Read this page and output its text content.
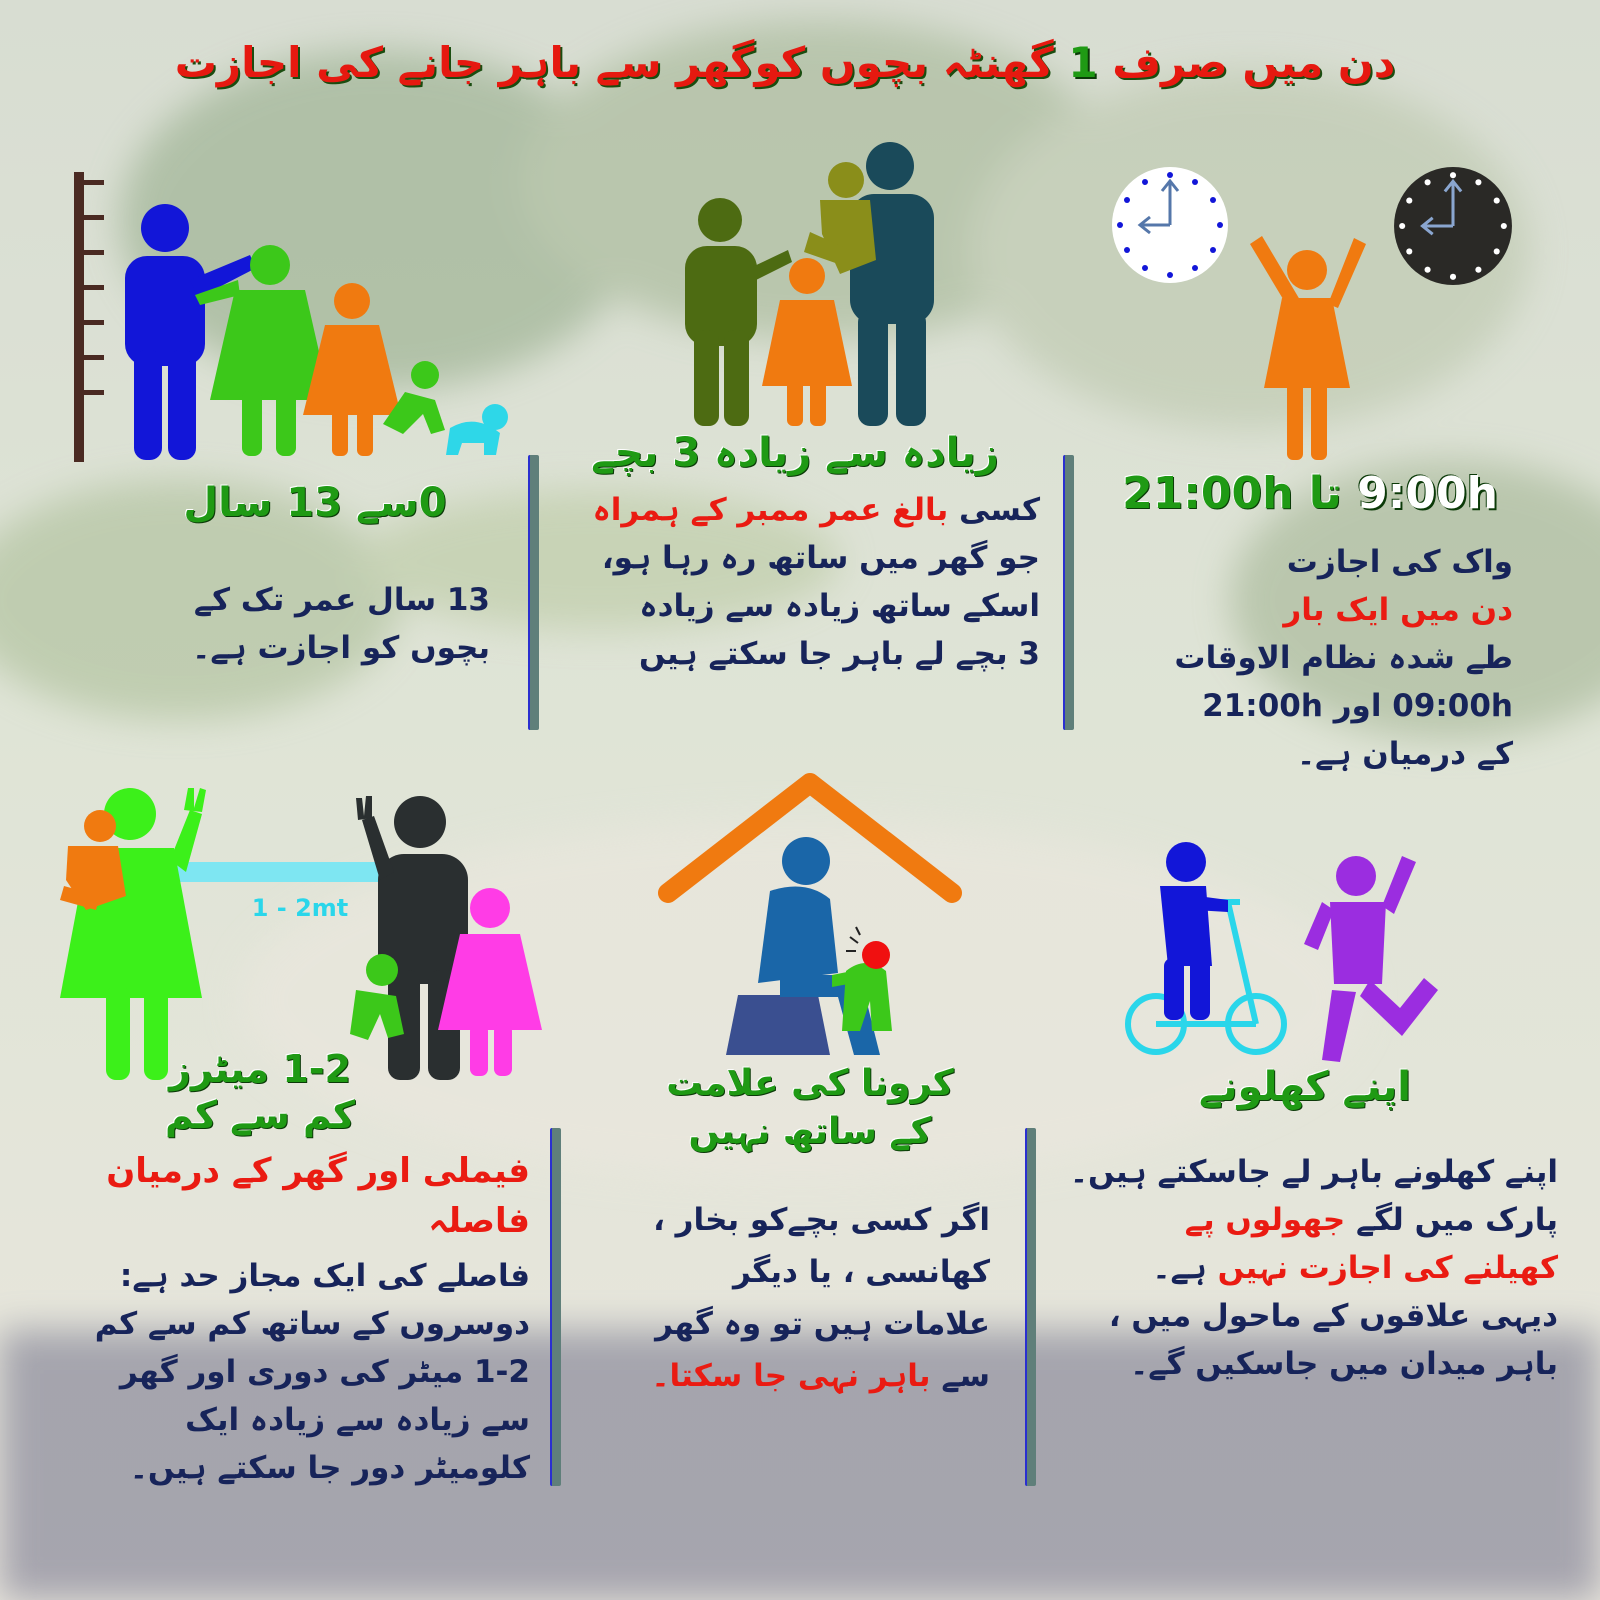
دن میں صرف 1 گھنٹہ بچوں کوگھر سے باہر جانے کی اجازت
0سے 13 سال
13 سال عمر تک کے
بچوں کو اجازت ہے۔
زیادہ سے زیادہ 3 بچے
کسی بالغ عمر ممبر کے ہمراہ
جو گھر میں ساتھ رہ رہا ہو،
اسکے ساتھ زیادہ سے زیادہ
3 بچے لے باہر جا سکتے ہیں
9:00h تا 21:00h
واک کی اجازت
دن میں ایک بار
طے شدہ نظام الاوقات
09:00h اور 21:00h
کے درمیان ہے۔
1 - 2mt
1-2 میٹرز
کم سے کم
فیملی اور گھر کے درمیان
فاصلہ
فاصلے کی ایک مجاز حد ہے:
دوسروں کے ساتھ کم سے کم
1-2 میٹر کی دوری اور گھر
سے زیادہ سے زیادہ ایک
کلومیٹر دور جا سکتے ہیں۔
کرونا کی علامت
کے ساتھ نہیں
اگر کسی بچےکو بخار ،
کھانسی ، یا دیگر
علامات ہیں تو وہ گھر
سے باہر نہی جا سکتا۔
اپنے کھلونے
اپنے کھلونے باہر لے جاسکتے ہیں۔
پارک میں لگے جھولوں پے
کھیلنے کی اجازت نہیں ہے۔
دیہی علاقوں کے ماحول میں ،
باہر میدان میں جاسکیں گے۔
